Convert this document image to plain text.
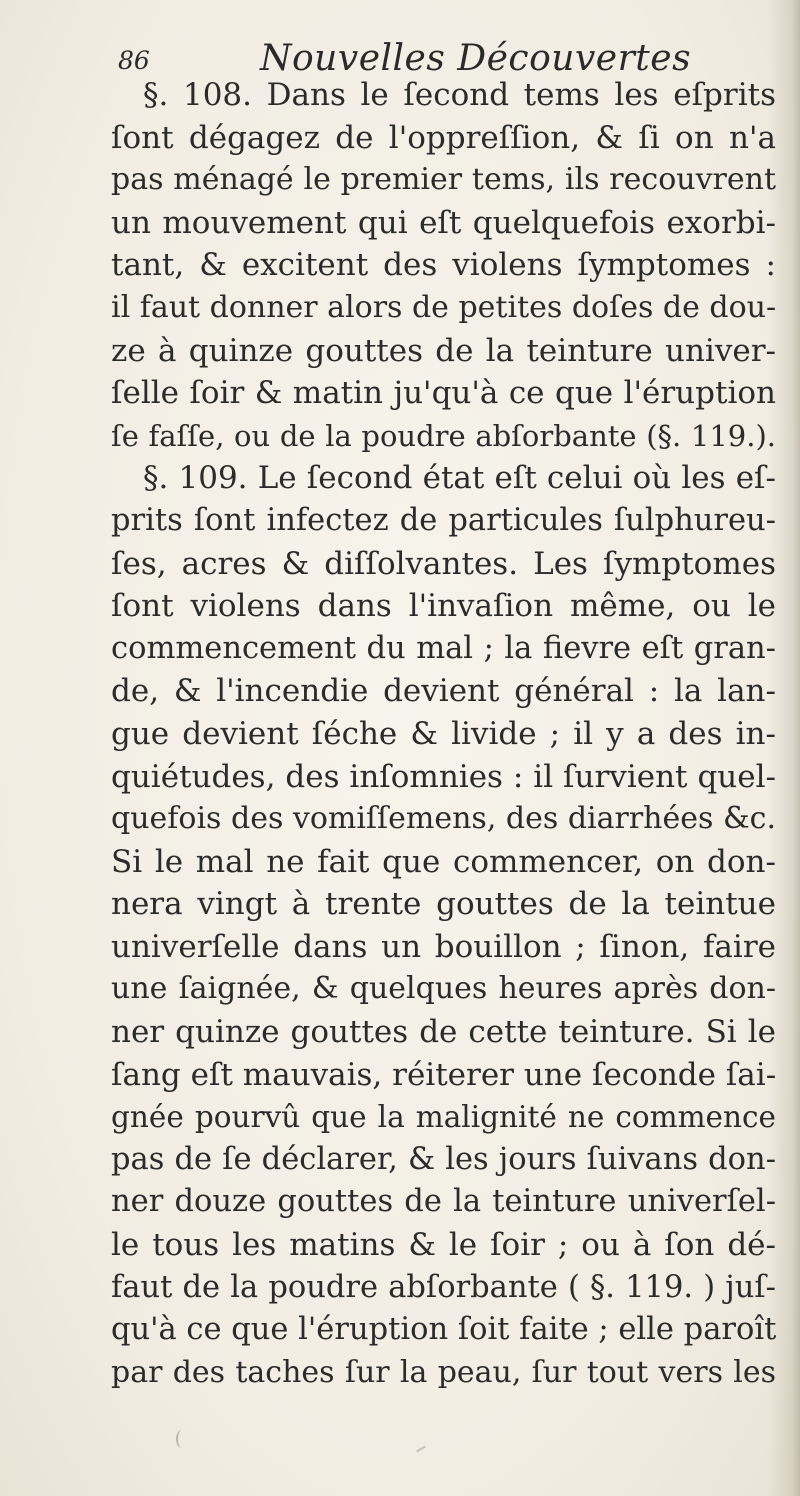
86	Nouvelles Découvertes
§. 108. Dans le ſecond tems les eſprits
ſont dégagez de l'oppreſſion, & ſi on n'a
pas ménagé le premier tems, ils recouvrent
un mouvement qui eſt quelquefois exorbi-
tant, & excitent des violens ſymptomes :
il faut donner alors de petites doſes de dou-
ze à quinze gouttes de la teinture univer-
ſelle ſoir & matin ju'qu'à ce que l'éruption
ſe faſſe, ou de la poudre abſorbante (§. 119.).
§. 109. Le ſecond état eſt celui où les eſ-
prits ſont infectez de particules ſulphureu-
ſes, acres & diſſolvantes. Les ſymptomes
ſont violens dans l'invaſion même, ou le
commencement du mal ; la fievre eſt gran-
de, & l'incendie devient général : la lan-
gue devient ſéche & livide ; il y a des in-
quiétudes, des inſomnies : il ſurvient quel-
quefois des vomiſſemens, des diarrhées &c.
Si le mal ne fait que commencer, on don-
nera vingt à trente gouttes de la teintue
univerſelle dans un bouillon ; ſinon, faire
une ſaignée, & quelques heures après don-
ner quinze gouttes de cette teinture. Si le
ſang eſt mauvais, réiterer une ſeconde ſai-
gnée pourvû que la malignité ne commence
pas de ſe déclarer, & les jours ſuivans don-
ner douze gouttes de la teinture univerſel-
le tous les matins & le ſoir ; ou à ſon dé-
faut de la poudre abſorbante ( §. 119. ) juſ-
qu'à ce que l'éruption ſoit faite ; elle paroît
par des taches ſur la peau, ſur tout vers les
